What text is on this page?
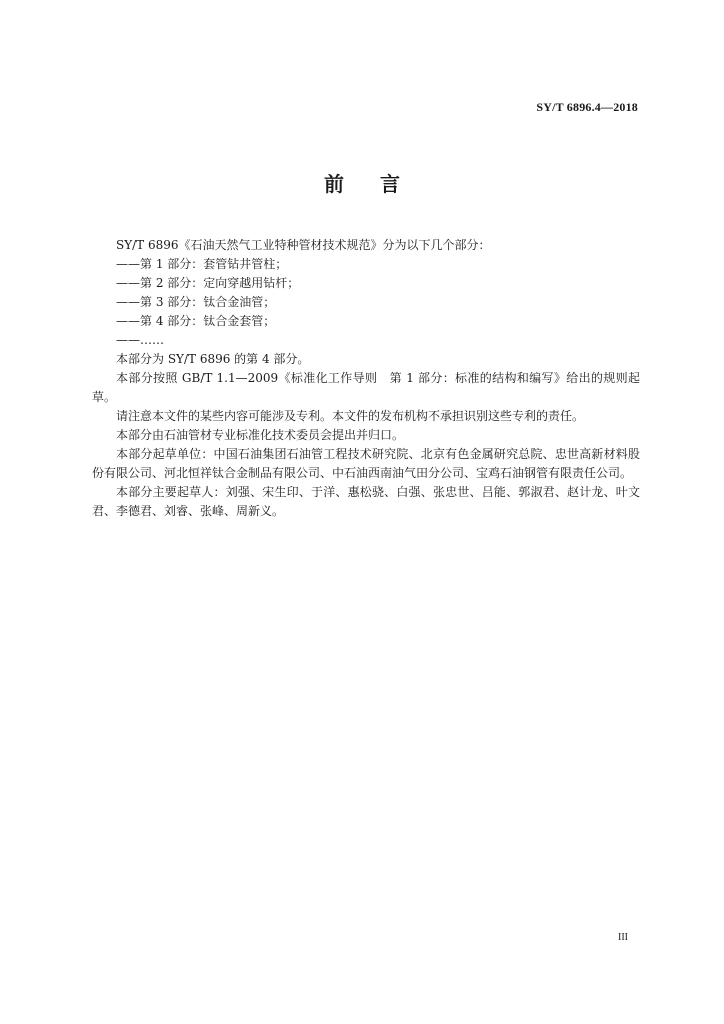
SY/T 6896.4—2018
前言

SY/T 6896《石油天然气工业特种管材技术规范》分为以下几个部分：

——第 1 部分：套管钻井管柱；

——第 2 部分：定向穿越用钻杆；

——第 3 部分：钛合金油管；

——第 4 部分：钛合金套管；

——……

本部分为 SY/T 6896 的第 4 部分。

本部分按照 GB/T 1.1—2009《标准化工作导则　第 1 部分：标准的结构和编写》给出的规则起草。

请注意本文件的某些内容可能涉及专利。本文件的发布机构不承担识别这些专利的责任。

本部分由石油管材专业标准化技术委员会提出并归口。

本部分起草单位：中国石油集团石油管工程技术研究院、北京有色金属研究总院、忠世高新材料股份有限公司、河北恒祥钛合金制品有限公司、中石油西南油气田分公司、宝鸡石油钢管有限责任公司。

本部分主要起草人：刘强、宋生印、于洋、惠松骁、白强、张忠世、吕能、郭淑君、赵计龙、叶文君、李德君、刘睿、张峰、周新义。

III
